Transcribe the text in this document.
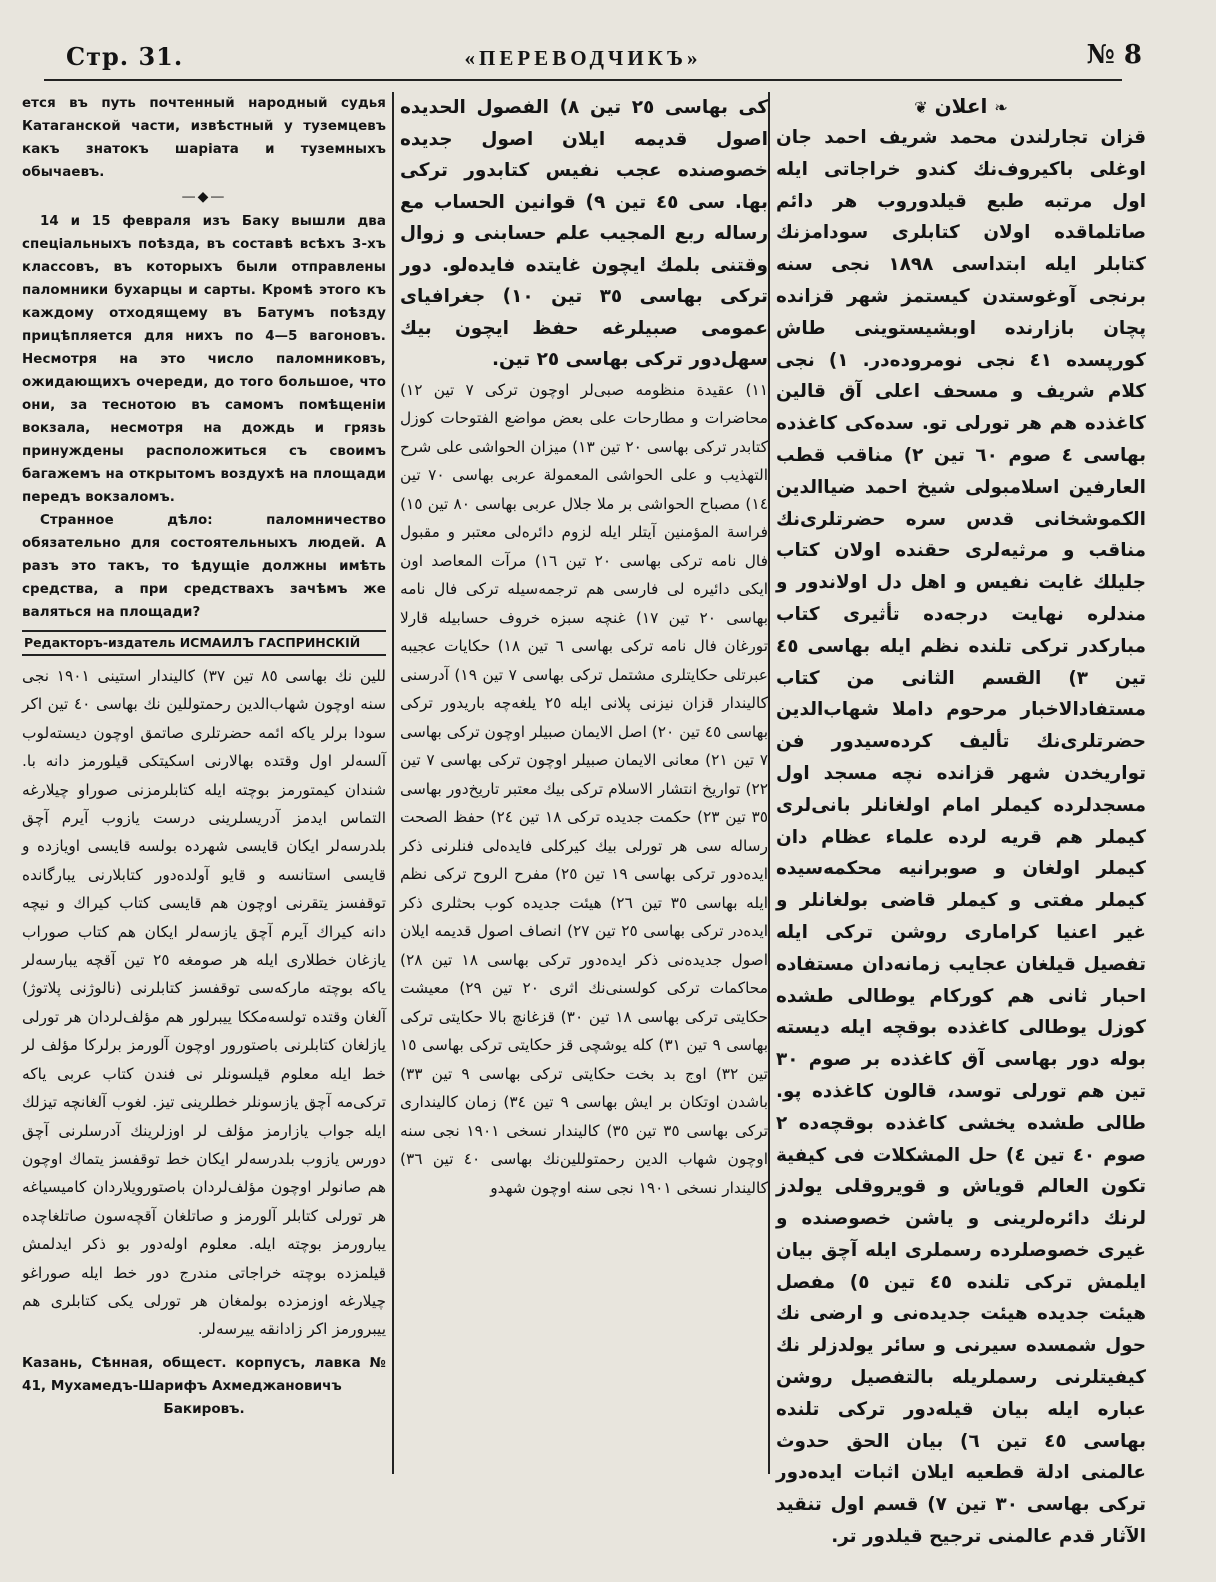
Стр. 31.	«ПЕРЕВОДЧИКЪ»	№ 8

ется въ путь почтенный народный судья Катаганской части, извѣстный у туземцевъ какъ знатокъ шаріата и туземныхъ обычаевъ.

—◆—

14 и 15 февраля изъ Баку вышли два спеціальныхъ поѣзда, въ составѣ всѣхъ 3-хъ классовъ, въ которыхъ были отправлены паломники бухарцы и сарты. Кромѣ этого къ каждому отходящему въ Батумъ поѣзду прицѣпляется для нихъ по 4—5 вагоновъ. Несмотря на это число паломниковъ, ожидающихъ очереди, до того большое, что они, за теснотою въ самомъ помѣщеніи вокзала, несмотря на дождь и грязь принуждены расположиться съ своимъ багажемъ на открытомъ воздухѣ на площади передъ вокзаломъ.

Странное дѣло: паломничество обязательно для состоятельныхъ людей. А разъ это такъ, то ѣдущіе должны имѣть средства, а при средствахъ зачѣмъ же валяться на площади?

Редакторъ-издатель ИСМАИЛЪ ГАСПРИНСКІЙ

للين نك بهاسى ٨٥ تين ٣٧) كاليندار استينى ١٩٠١ نجى سنه اوچون شهاب‌الدين رحمتوللين نك بهاسى ٤٠ تين اكر سودا برلر ياكه ائمه حضرتلرى صاتمق اوچون ديسته‌لوب آلسه‌لر اول وقتده بهالارنى اسكيتكى قيلورمز دانه با. شندان كيمتورمز بوچته ايله كتابلرمزنى صوراو چيلارغه التماس ايدمز آدريسلرينى درست يازوب آيرم آچق بلدرسه‌لر ايكان قايسى شهرده بولسه قايسى اويازده و قايسى استانسه و قايو آولده‌دور كتابلارنى يبارگانده توقفسز يتقرنى اوچون هم قايسى كتاب كيراك و نيچه دانه كيراك آيرم آچق يازسه‌لر ايكان هم كتاب صوراب يازغان خطلارى ايله هر صومغه ٢٥ تين آقچه يبارسه‌لر ياكه بوچته ماركه‌سى توقفسز كتابلرنى (نالوژنى پلاتوژ) آلغان وقتده تولسه‌مككا ييبرلور هم مؤلف‌لردان هر تورلى يازلغان كتابلرنى باصتورور اوچون آلورمز برلركا مؤلف لر خط ايله معلوم قيلسونلر نى فندن كتاب عربى ياكه تركى‌مه آچق يازسونلر خطلرينى تيز. لغوب آلغانچه تيزلك ايله جواب يازارمز مؤلف لر اوزلرينك آدرسلرنى آچق دورس يازوب بلدرسه‌لر ايكان خط توقفسز يتماك اوچون هم صانولر اوچون مؤلف‌لردان باصتورويلاردان كاميسياغه هر تورلى كتابلر آلورمز و صاتلغان آقچه‌سون صاتلغاچده يبارورمز بوچته ايله. معلوم اوله‌دور بو ذكر ايدلمش قيلمزده بوچته خراجاتى مندرج دور خط ايله صوراغو چيلارغه اوزمزده بولمغان هر تورلى يكى كتابلرى هم ييبرورمز اكر زادانقه ييرسه‌لر.

Казань, Сѣнная, общест. корпусъ, лавка № 41, Мухамедъ-Шарифъ Ахмеджановичъ
Бакировъ.

كى بهاسى ٢٥ تين ٨) الفصول الحديده اصول قديمه ايلان اصول جديده خصوصنده عجب نفيس كتابدور تركى بها. سى ٤٥ تين ٩) قوانين الحساب مع رساله ربع المجيب علم حسابنى و زوال وقتنى بلمك ايچون غايتده فايده‌لو. دور تركى بهاسى ٣٥ تين ١٠) جغرافياى عمومى صبيلرغه حفظ ايچون بيك سهل‌دور تركى بهاسى ٢٥ تين.

١١) عقيدة منظومه صبى‌لر اوچون تركى ٧ تين ١٢) محاضرات و مطارحات على بعض مواضع الفتوحات كوزل كتابدر تركى بهاسى ٢٠ تين ١٣) ميزان الحواشى على شرح التهذيب و على الحواشى المعمولة عربى بهاسى ٧٠ تين ١٤) مصباح الحواشى بر ملا جلال عربى بهاسى ٨٠ تين ١٥) فراسة المؤمنين آيتلر ايله لزوم دائره‌لى معتبر و مقبول فال نامه تركى بهاسى ٢٠ تين ١٦) مرآت المعاصد اون ايكى دائيره لى فارسى هم ترجمه‌سيله تركى فال نامه بهاسى ٢٠ تين ١٧) غنچه سبزه خروف حسابيله قارلا تورغان فال نامه تركى بهاسى ٦ تين ١٨) حكايات عجيبه عبرتلى حكايتلرى مشتمل تركى بهاسى ٧ تين ١٩) آدرسنى كاليندار قزان نيزنى پلانى ايله ٢٥ يلغه‌چه باريدور تركى بهاسى ٤٥ تين ٢٠) اصل الايمان صبيلر اوچون تركى بهاسى ٧ تين ٢١) معانى الايمان صبيلر اوچون تركى بهاسى ٧ تين ٢٢) تواريخ انتشار الاسلام تركى بيك معتبر تاريخ‌دور بهاسى ٣٥ تين ٢٣) حكمت جديده تركى ١٨ تين ٢٤) حفظ الصحت رساله سى هر تورلى بيك كيركلى فايده‌لى فنلرنى ذكر ايده‌دور تركى بهاسى ١٩ تين ٢٥) مفرح الروح تركى نظم ايله بهاسى ٣٥ تين ٢٦) هيئت جديده كوب بحثلرى ذكر ايده‌در تركى بهاسى ٢٥ تين ٢٧) انصاف اصول قديمه ايلان اصول جديده‌نى ذكر ايده‌دور تركى بهاسى ١٨ تين ٢٨) محاكمات تركى كولسنى‌نك اثرى ٢٠ تين ٢٩) معيشت حكايتى تركى بهاسى ١٨ تين ٣٠) قزغانچ بالا حكايتى تركى بهاسى ٩ تين ٣١) كله يوشچى قز حكايتى تركى بهاسى ١٥ تين ٣٢) اوج بد بخت حكايتى تركى بهاسى ٩ تين ٣٣) باشدن اوتكان بر ايش بهاسى ٩ تين ٣٤) زمان كاليندارى تركى بهاسى ٣٥ تين ٣٥) كاليندار نسخى ١٩٠١ نجى سنه اوچون شهاب الدين رحمتوللين‌نك بهاسى ٤٠ تين ٣٦) كاليندار نسخى ١٩٠١ نجى سنه اوچون شهدو

❧ اعلان ❦

قزان تجارلندن محمد شريف احمد جان اوغلى باكيروف‌نك كندو خراجاتى ايله اول مرتبه طبع قيلدوروب هر دائم صاتلماقده اولان كتابلرى سودامزنك كتابلر ايله ابتداسى ١٨٩٨ نجى سنه برنجى آوغوستدن كيستمز شهر قزانده پچان بازارنده اوبشيستوينى طاش كورپسده ٤١ نجى نومروده‌در. ١) نجى كلام شريف و مسحف اعلى آق قالين كاغذده هم هر تورلى تو. سده‌كى كاغذده بهاسى ٤ صوم ٦٠ تين ٢) مناقب قطب العارفين اسلامبولى شيخ احمد ضياالدين الكموشخانى قدس سره حضرتلرى‌نك مناقب و مرثيه‌لرى حقنده اولان كتاب جليلك غايت نفيس و اهل دل اولاندور و مندلره نهايت درجه‌ده تأثيرى كتاب مباركدر تركى تلنده نظم ايله بهاسى ٤٥ تين ٣) القسم الثانى من كتاب مستفادالاخبار مرحوم داملا شهاب‌الدين حضرتلرى‌نك تأليف كرده‌سيدور فن تواريخدن شهر قزانده نچه مسجد اول مسجدلرده كيملر امام اولغانلر بانى‌لرى كيملر هم قريه لرده علماء عظام دان كيملر اولغان و صوبرانيه محكمه‌سيده كيملر مفتى و كيملر قاضى بولغانلر و غير اعنيا كرامارى روشن تركى ايله تفصيل قيلغان عجايب زمانه‌دان مستفاده احبار ثانى هم كوركام يوطالى طشده كوزل يوطالى كاغذده بوقچه ايله ديسته بوله دور بهاسى آق كاغذده بر صوم ٣٠ تين هم تورلى توسد، قالون كاغذده پو. طالى طشده يخشى كاغذده بوقچه‌ده ٢ صوم ٤٠ تين ٤) حل المشكلات فى كيفية تكون العالم قوياش و قويروقلى يولدز لرنك دائره‌لرينى و ياشن خصوصنده و غيرى خصوصلرده رسملرى ايله آچق بيان ايلمش تركى تلنده ٤٥ تين ٥) مفصل هيئت جديده هيئت جديده‌نى و ارضى نك حول شمسده سيرنى و سائر يولدزلر نك كيفيتلرنى رسملريله بالتفصيل روشن عباره ايله بيان قيله‌دور تركى تلنده بهاسى ٤٥ تين ٦) بيان الحق حدوث عالمنى ادلة قطعيه ايلان اثبات ايده‌دور تركى بهاسى ٣٠ تين ٧) قسم اول تنقيد الآثار قدم عالمنى ترجيح قيلدور تر.
